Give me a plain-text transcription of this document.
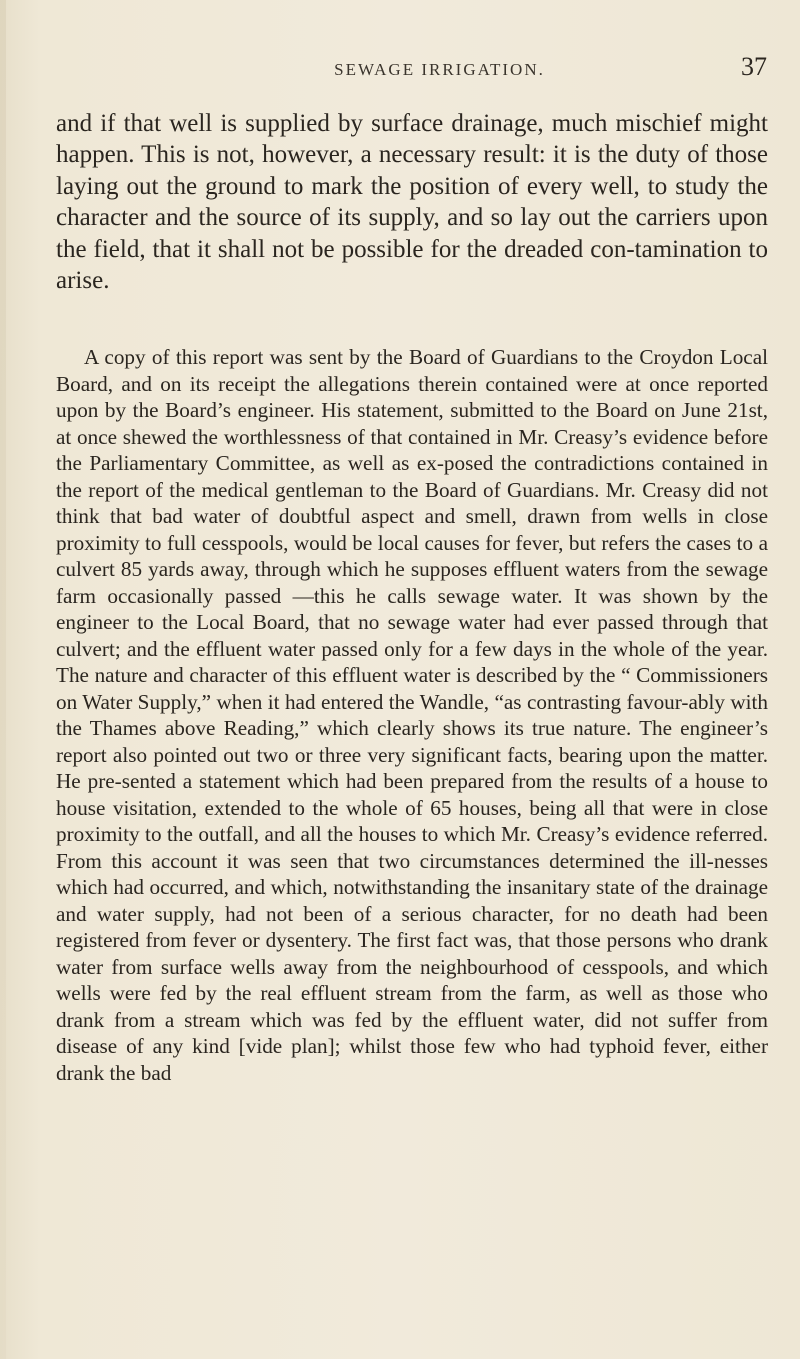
SEWAGE IRRIGATION.	37

and if that well is supplied by surface drainage, much mischief might happen. This is not, however, a necessary result: it is the duty of those laying out the ground to mark the position of every well, to study the character and the source of its supply, and so lay out the carriers upon the field, that it shall not be possible for the dreaded con-tamination to arise.

A copy of this report was sent by the Board of Guardians to the Croydon Local Board, and on its receipt the allegations therein contained were at once reported upon by the Board’s engineer. His statement, submitted to the Board on June 21st, at once shewed the worthlessness of that contained in Mr. Creasy’s evidence before the Parliamentary Committee, as well as ex-posed the contradictions contained in the report of the medical gentleman to the Board of Guardians. Mr. Creasy did not think that bad water of doubtful aspect and smell, drawn from wells in close proximity to full cesspools, would be local causes for fever, but refers the cases to a culvert 85 yards away, through which he supposes effluent waters from the sewage farm occasionally passed —this he calls sewage water. It was shown by the engineer to the Local Board, that no sewage water had ever passed through that culvert; and the effluent water passed only for a few days in the whole of the year. The nature and character of this effluent water is described by the “ Commissioners on Water Supply,” when it had entered the Wandle, “as contrasting favour-ably with the Thames above Reading,” which clearly shows its true nature. The engineer’s report also pointed out two or three very significant facts, bearing upon the matter. He pre-sented a statement which had been prepared from the results of a house to house visitation, extended to the whole of 65 houses, being all that were in close proximity to the outfall, and all the houses to which Mr. Creasy’s evidence referred. From this account it was seen that two circumstances determined the ill-nesses which had occurred, and which, notwithstanding the insanitary state of the drainage and water supply, had not been of a serious character, for no death had been registered from fever or dysentery. The first fact was, that those persons who drank water from surface wells away from the neighbourhood of cesspools, and which wells were fed by the real effluent stream from the farm, as well as those who drank from a stream which was fed by the effluent water, did not suffer from disease of any kind [vide plan]; whilst those few who had typhoid fever, either drank the bad
